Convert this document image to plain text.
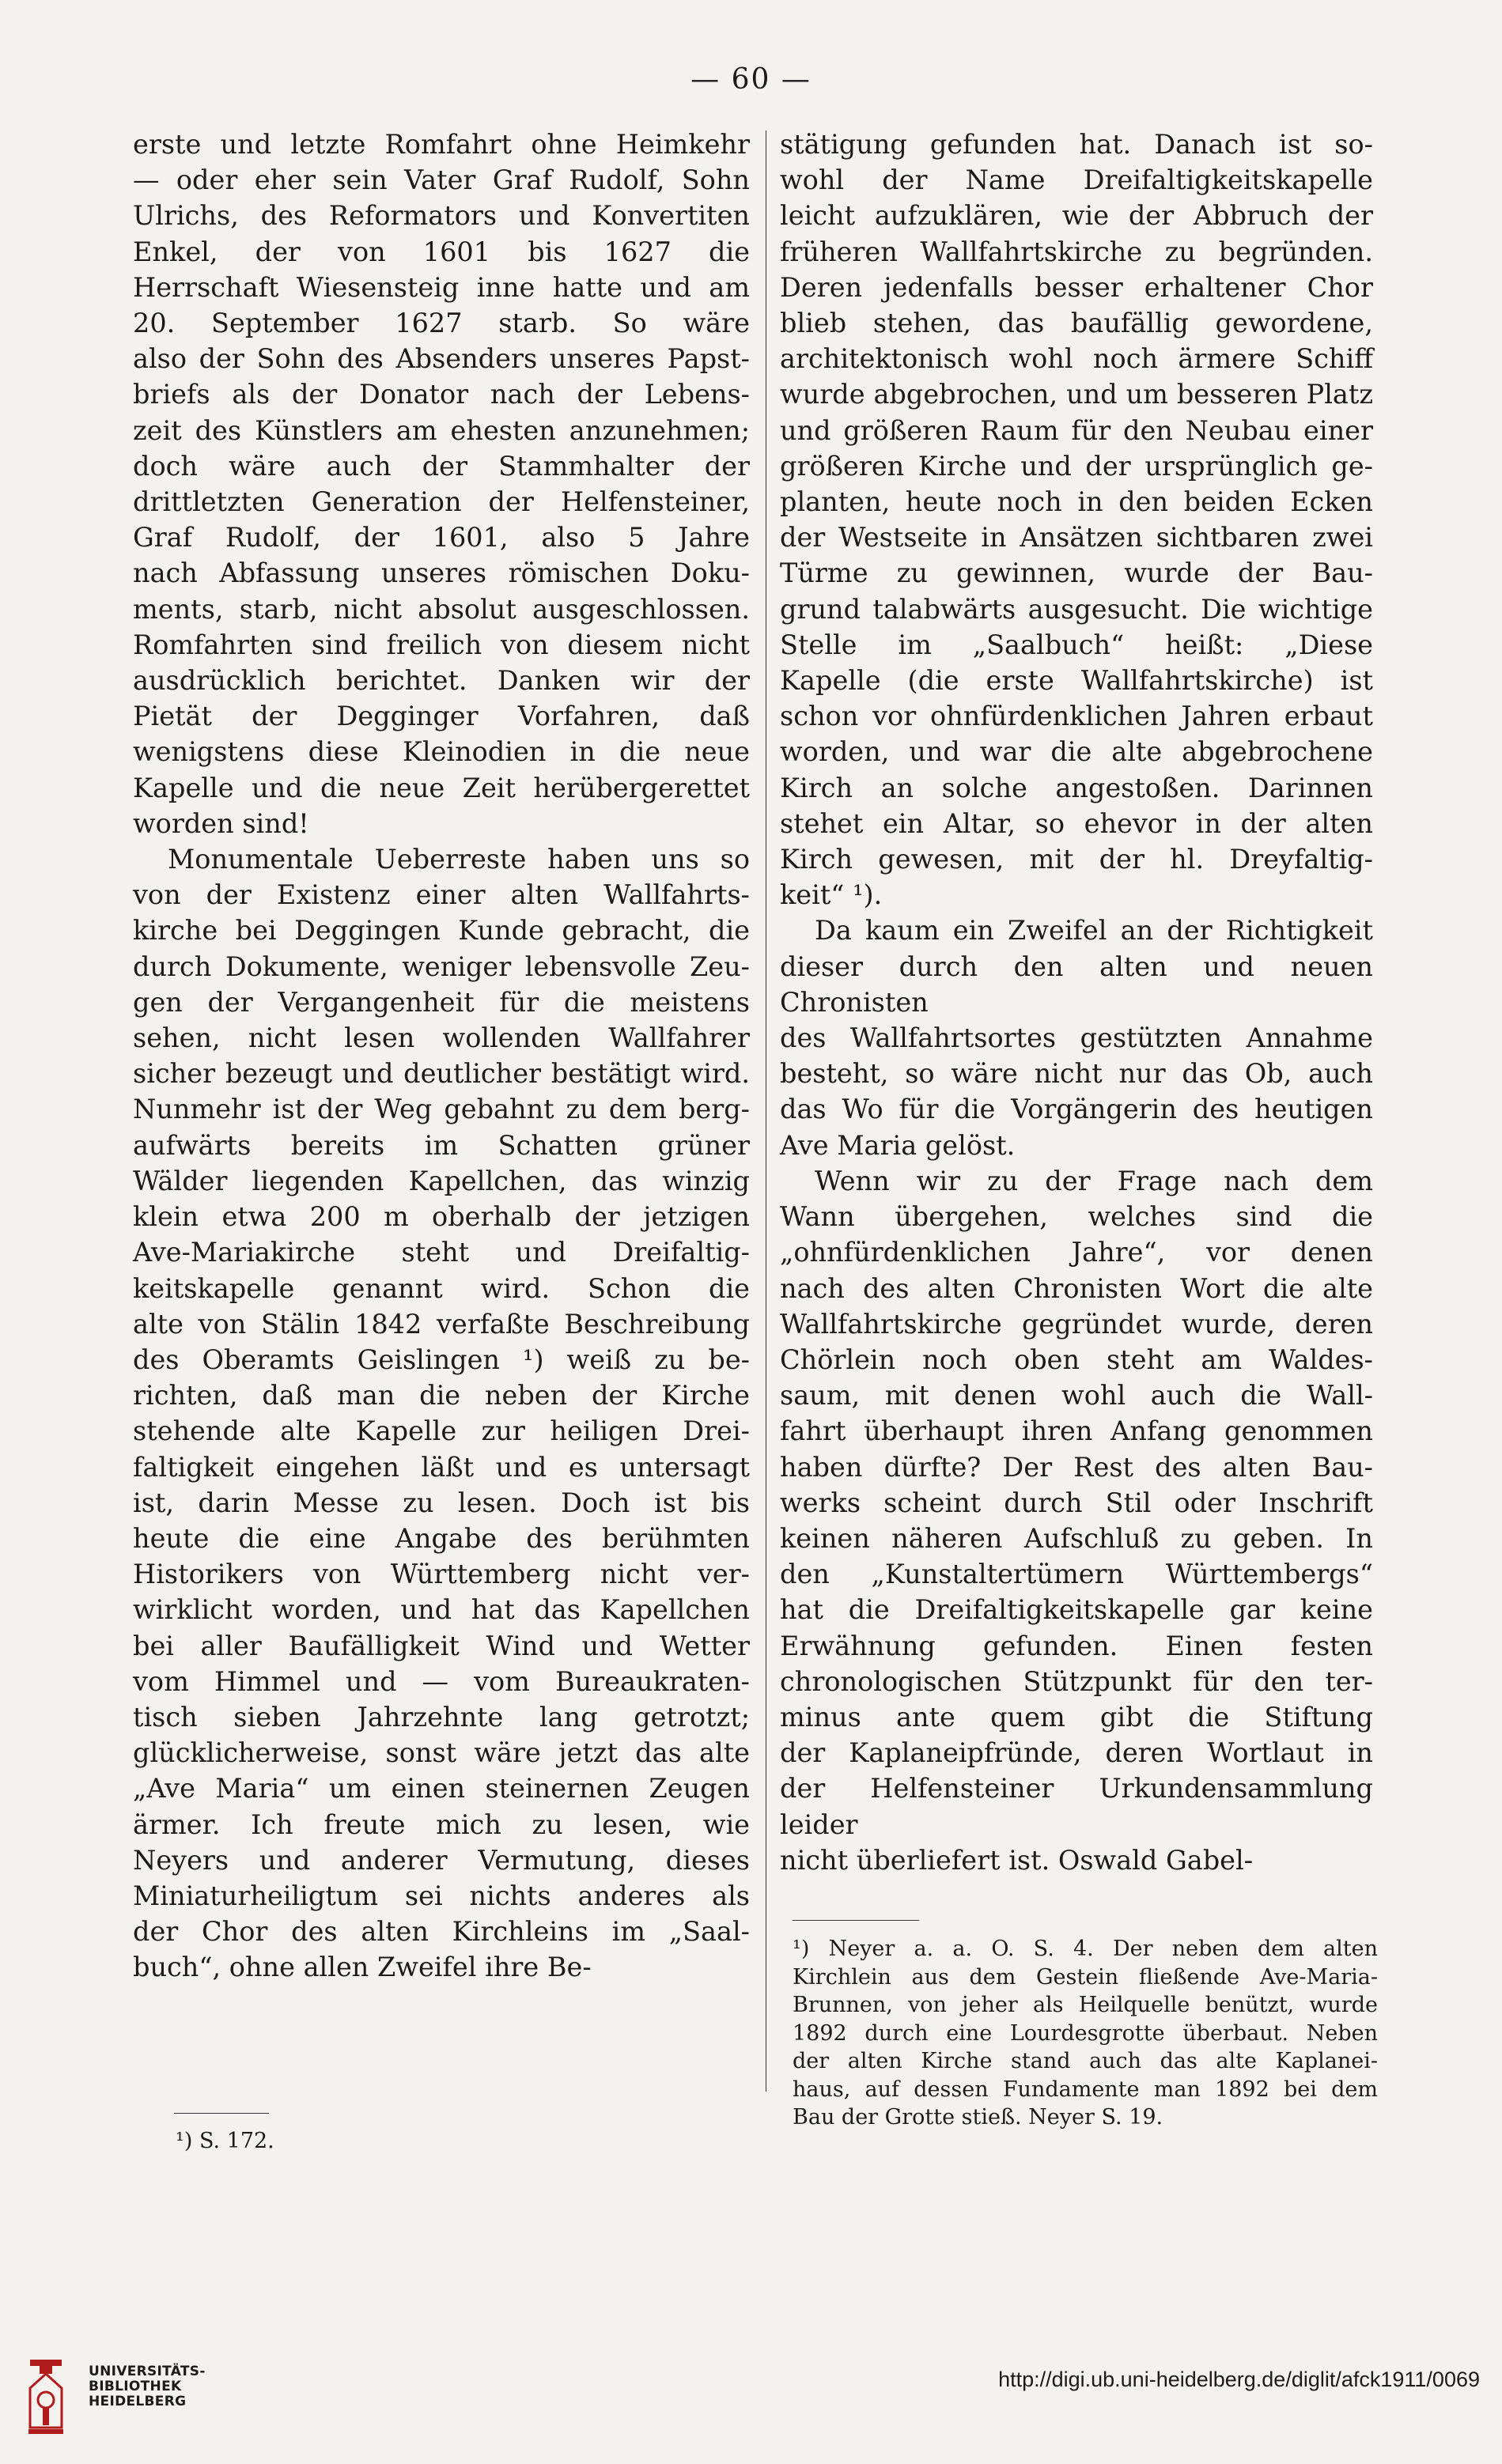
— 60 —

erste und letzte Romfahrt ohne Heimkehr

— oder eher sein Vater Graf Rudolf, Sohn

Ulrichs, des Reformators und Konvertiten

Enkel, der von 1601 bis 1627 die

Herrschaft Wiesensteig inne hatte und am

20. September 1627 starb. So wäre

also der Sohn des Absenders unseres Papst-

briefs als der Donator nach der Lebens-

zeit des Künstlers am ehesten anzunehmen;

doch wäre auch der Stammhalter der

drittletzten Generation der Helfensteiner,

Graf Rudolf, der 1601, also 5 Jahre

nach Abfassung unseres römischen Doku-

ments, starb, nicht absolut ausgeschlossen.

Romfahrten sind freilich von diesem nicht

ausdrücklich berichtet. Danken wir der

Pietät der Degginger Vorfahren, daß

wenigstens diese Kleinodien in die neue

Kapelle und die neue Zeit herübergerettet

worden sind!

Monumentale Ueberreste haben uns so

von der Existenz einer alten Wallfahrts-

kirche bei Deggingen Kunde gebracht, die

durch Dokumente, weniger lebensvolle Zeu-

gen der Vergangenheit für die meistens

sehen, nicht lesen wollenden Wallfahrer

sicher bezeugt und deutlicher bestätigt wird.

Nunmehr ist der Weg gebahnt zu dem berg-

aufwärts bereits im Schatten grüner

Wälder liegenden Kapellchen, das winzig

klein etwa 200 m oberhalb der jetzigen

Ave-Mariakirche steht und Dreifaltig-

keitskapelle genannt wird. Schon die

alte von Stälin 1842 verfaßte Beschreibung

des Oberamts Geislingen ¹) weiß zu be-

richten, daß man die neben der Kirche

stehende alte Kapelle zur heiligen Drei-

faltigkeit eingehen läßt und es untersagt

ist, darin Messe zu lesen. Doch ist bis

heute die eine Angabe des berühmten

Historikers von Württemberg nicht ver-

wirklicht worden, und hat das Kapellchen

bei aller Baufälligkeit Wind und Wetter

vom Himmel und — vom Bureaukraten-

tisch sieben Jahrzehnte lang getrotzt;

glücklicherweise, sonst wäre jetzt das alte

„Ave Maria“ um einen steinernen Zeugen

ärmer. Ich freute mich zu lesen, wie

Neyers und anderer Vermutung, dieses

Miniaturheiligtum sei nichts anderes als

der Chor des alten Kirchleins im „Saal-

buch“, ohne allen Zweifel ihre Be-

stätigung gefunden hat. Danach ist so-

wohl der Name Dreifaltigkeitskapelle

leicht aufzuklären, wie der Abbruch der

früheren Wallfahrtskirche zu begründen.

Deren jedenfalls besser erhaltener Chor

blieb stehen, das baufällig gewordene,

architektonisch wohl noch ärmere Schiff

wurde abgebrochen, und um besseren Platz

und größeren Raum für den Neubau einer

größeren Kirche und der ursprünglich ge-

planten, heute noch in den beiden Ecken

der Westseite in Ansätzen sichtbaren zwei

Türme zu gewinnen, wurde der Bau-

grund talabwärts ausgesucht. Die wichtige

Stelle im „Saalbuch“ heißt: „Diese

Kapelle (die erste Wallfahrtskirche) ist

schon vor ohnfürdenklichen Jahren erbaut

worden, und war die alte abgebrochene

Kirch an solche angestoßen. Darinnen

stehet ein Altar, so ehevor in der alten

Kirch gewesen, mit der hl. Dreyfaltig-

keit“ ¹).

Da kaum ein Zweifel an der Richtigkeit

dieser durch den alten und neuen Chronisten

des Wallfahrtsortes gestützten Annahme

besteht, so wäre nicht nur das Ob, auch

das Wo für die Vorgängerin des heutigen

Ave Maria gelöst.

Wenn wir zu der Frage nach dem

Wann übergehen, welches sind die

„ohnfürdenklichen Jahre“, vor denen

nach des alten Chronisten Wort die alte

Wallfahrtskirche gegründet wurde, deren

Chörlein noch oben steht am Waldes-

saum, mit denen wohl auch die Wall-

fahrt überhaupt ihren Anfang genommen

haben dürfte? Der Rest des alten Bau-

werks scheint durch Stil oder Inschrift

keinen näheren Aufschluß zu geben. In

den „Kunstaltertümern Württembergs“

hat die Dreifaltigkeitskapelle gar keine

Erwähnung gefunden. Einen festen

chronologischen Stützpunkt für den ter-

minus ante quem gibt die Stiftung

der Kaplaneipfründe, deren Wortlaut in

der Helfensteiner Urkundensammlung leider

nicht überliefert ist. Oswald Gabel-

¹) S. 172.

¹) Neyer a. a. O. S. 4. Der neben dem alten

Kirchlein aus dem Gestein fließende Ave-Maria-

Brunnen, von jeher als Heilquelle benützt, wurde

1892 durch eine Lourdesgrotte überbaut. Neben

der alten Kirche stand auch das alte Kaplanei-

haus, auf dessen Fundamente man 1892 bei dem

Bau der Grotte stieß. Neyer S. 19.

UNIVERSITÄTS-
BIBLIOTHEK
HEIDELBERG
http://digi.ub.uni-heidelberg.de/diglit/afck1911/0069
